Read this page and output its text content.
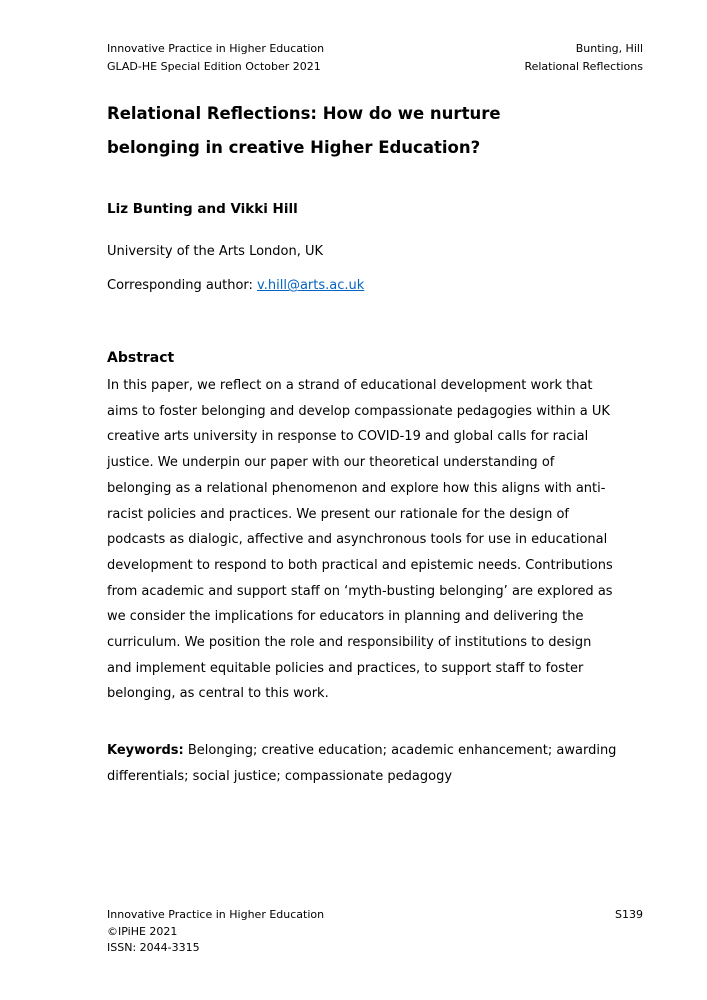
Innovative Practice in Higher Education
GLAD-HE Special Edition October 2021
Bunting, Hill
Relational Reflections
Relational Reflections: How do we nurture
belonging in creative Higher Education?
Liz Bunting and Vikki Hill
University of the Arts London, UK
Corresponding author: v.hill@arts.ac.uk
Abstract
In this paper, we reflect on a strand of educational development work that
aims to foster belonging and develop compassionate pedagogies within a UK
creative arts university in response to COVID-19 and global calls for racial
justice. We underpin our paper with our theoretical understanding of
belonging as a relational phenomenon and explore how this aligns with anti-
racist policies and practices. We present our rationale for the design of
podcasts as dialogic, affective and asynchronous tools for use in educational
development to respond to both practical and epistemic needs. Contributions
from academic and support staff on ‘myth-busting belonging’ are explored as
we consider the implications for educators in planning and delivering the
curriculum. We position the role and responsibility of institutions to design
and implement equitable policies and practices, to support staff to foster
belonging, as central to this work.
Keywords: Belonging; creative education; academic enhancement; awarding
differentials; social justice; compassionate pedagogy
Innovative Practice in Higher Education
©IPiHE 2021
ISSN: 2044-3315
S139
